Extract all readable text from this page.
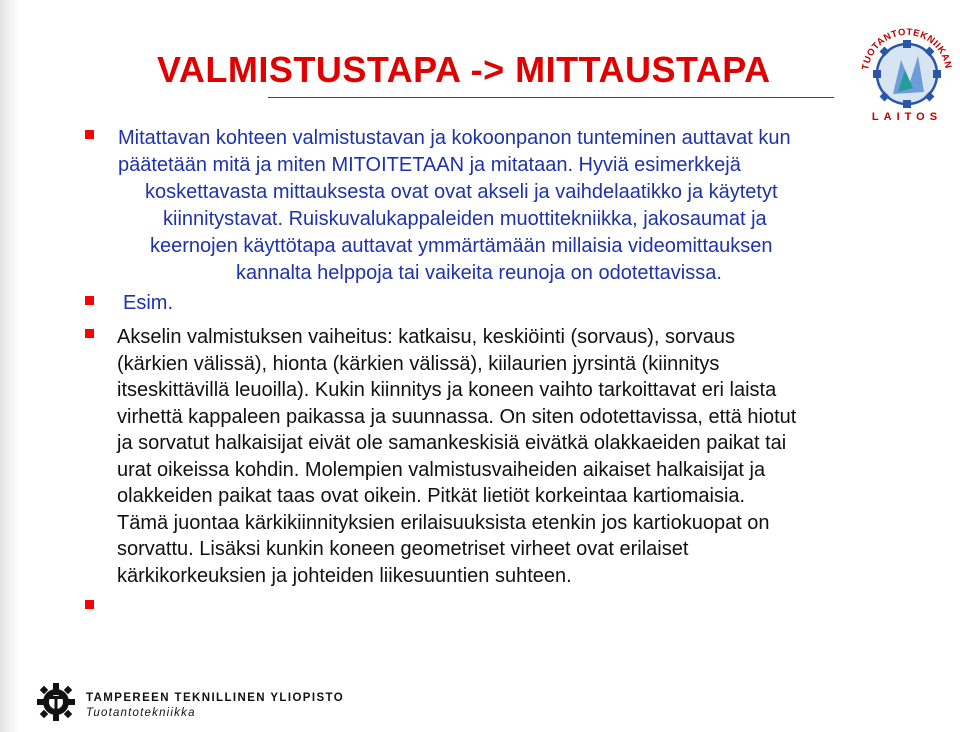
VALMISTUSTAPA -> MITTAUSTAPA	TUOTANTOTEKNIIKAN
LAITOS
Mitattavan kohteen valmistustavan ja kokoonpanon tunteminen auttavat kun
päätetään mitä ja miten MITOITETAAN ja mitataan. Hyviä esimerkkejä
koskettavasta mittauksesta ovat ovat akseli ja vaihdelaatikko ja käytetyt
kiinnitystavat. Ruiskuvalukappaleiden muottitekniikka, jakosaumat ja
keernojen käyttötapa auttavat ymmärtämään millaisia videomittauksen
kannalta helppoja tai vaikeita reunoja on odotettavissa.
Esim.
Akselin valmistuksen vaiheitus: katkaisu, keskiöinti (sorvaus), sorvaus
(kärkien välissä), hionta (kärkien välissä), kiilaurien jyrsintä (kiinnitys
itseskittävillä leuoilla). Kukin kiinnitys ja koneen vaihto tarkoittavat eri laista
virhettä kappaleen paikassa ja suunnassa. On siten odotettavissa, että hiotut
ja sorvatut halkaisijat eivät ole samankeskisiä eivätkä olakkaeiden paikat tai
urat oikeissa kohdin. Molempien valmistusvaiheiden aikaiset halkaisijat ja
olakkeiden paikat taas ovat oikein. Pitkät lietiöt korkeintaa kartiomaisia.
Tämä juontaa kärkikiinnityksien erilaisuuksista etenkin jos kartiokuopat on
sorvattu. Lisäksi kunkin koneen geometriset virheet ovat erilaiset
kärkikorkeuksien ja johteiden liikesuuntien suhteen.
TAMPEREEN TEKNILLINEN YLIOPISTO
Tuotantotekniikka
